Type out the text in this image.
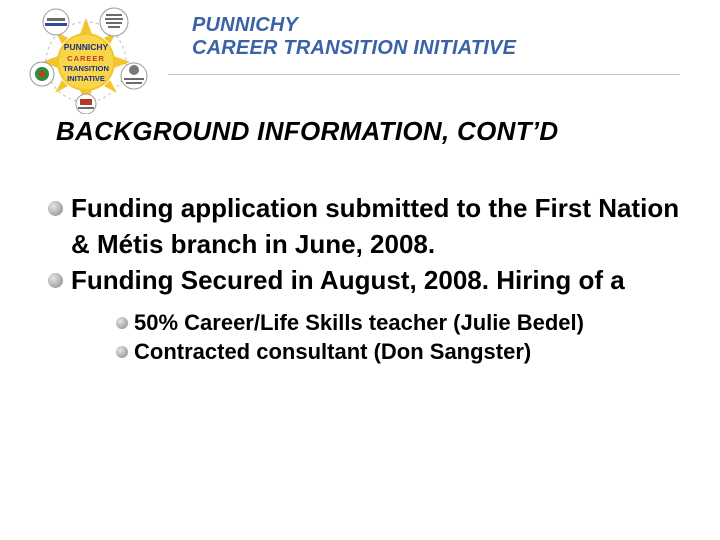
PUNNICHY
CAREER
TRANSITION
INITIATIVE
PUNNICHY
CAREER TRANSITION INITIATIVE
BACKGROUND INFORMATION, CONT’D
Funding application submitted to the First Nation & Métis branch in June, 2008.
Funding Secured in August, 2008. Hiring of a
50% Career/Life Skills teacher (Julie Bedel)
Contracted consultant (Don Sangster)
